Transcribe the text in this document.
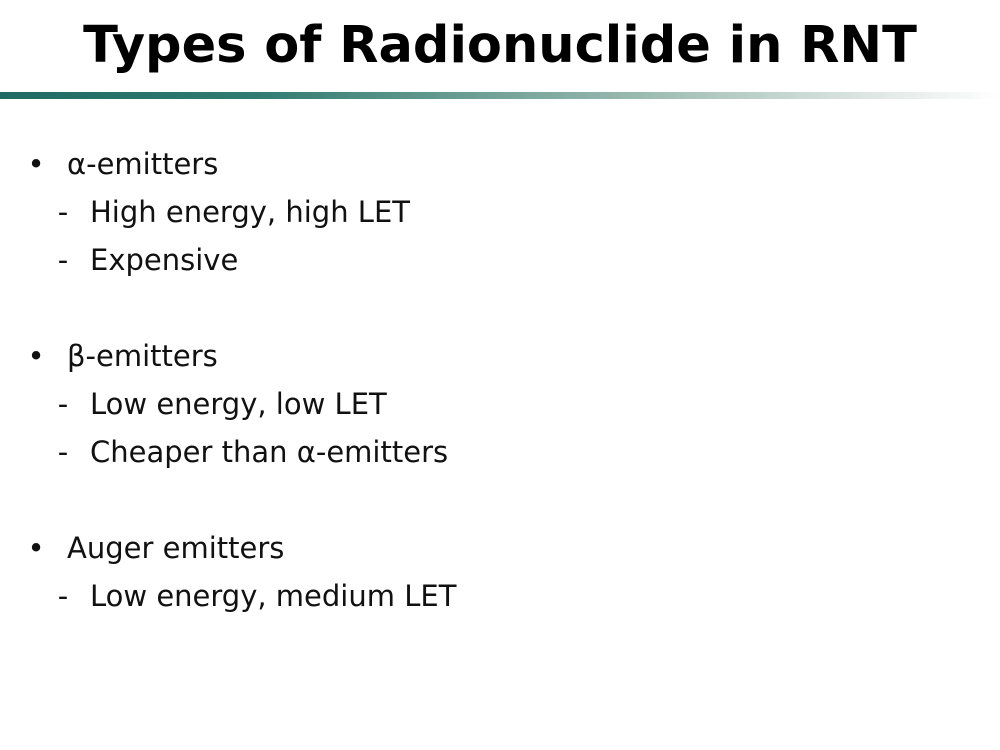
Types of Radionuclide in RNT
• α-emitters
- High energy, high LET
- Expensive
• β-emitters
- Low energy, low LET
- Cheaper than α-emitters
• Auger emitters
- Low energy, medium LET
